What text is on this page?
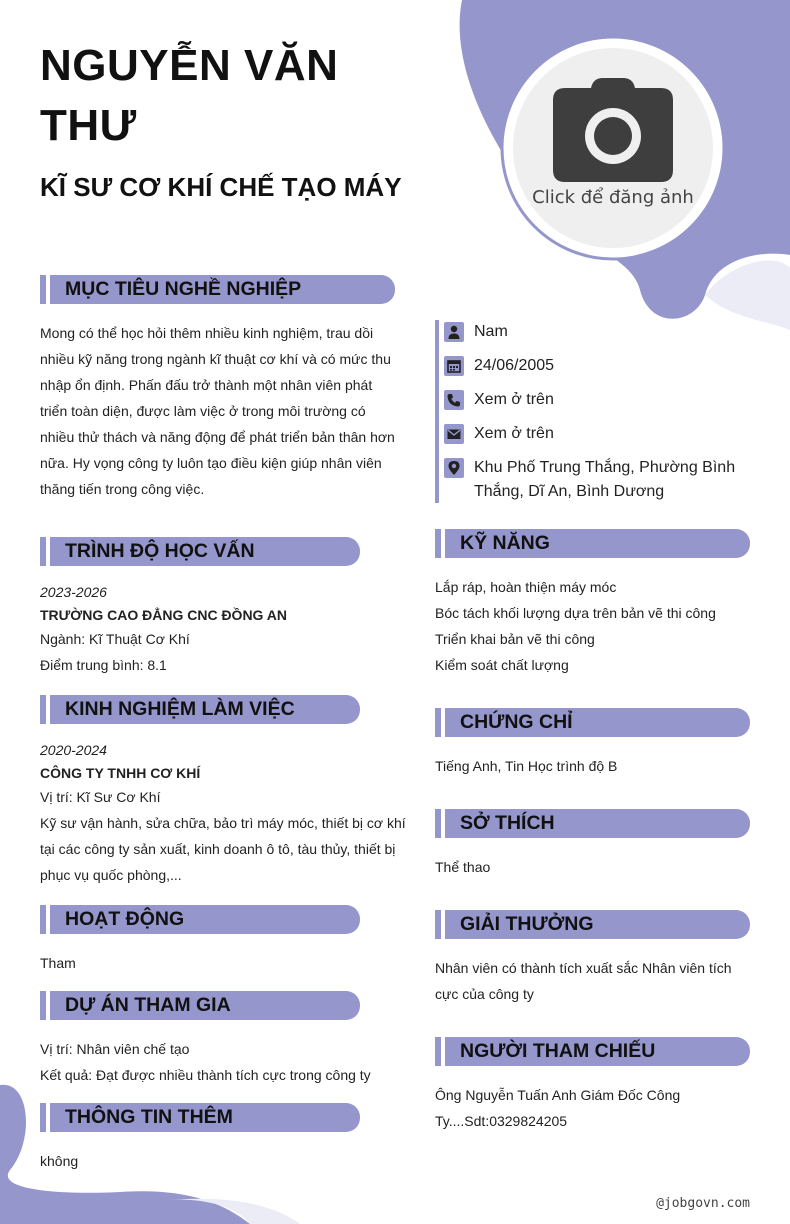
NGUYỄN VĂN THƯ
KĨ SƯ CƠ KHÍ CHẾ TẠO MÁY	Click để đăng ảnh
MỤC TIÊU NGHỀ NGHIỆP
Mong có thể học hỏi thêm nhiều kinh nghiệm, trau dồi
nhiều kỹ năng trong ngành kĩ thuật cơ khí và có mức thu
nhập ổn định. Phấn đấu trở thành một nhân viên phát
triển toàn diện, được làm việc ở trong môi trường có
nhiều thử thách và năng động để phát triển bản thân hơn
nữa. Hy vọng công ty luôn tạo điều kiện giúp nhân viên
thăng tiến trong công việc.
TRÌNH ĐỘ HỌC VẤN
2023-2026
TRƯỜNG CAO ĐẲNG CNC ĐỒNG AN
Ngành: Kĩ Thuật Cơ Khí
Điểm trung bình: 8.1
KINH NGHIỆM LÀM VIỆC
2020-2024
CÔNG TY TNHH CƠ KHÍ
Vị trí: Kĩ Sư Cơ Khí
Kỹ sư vận hành, sửa chữa, bảo trì máy móc, thiết bị cơ khí
tại các công ty sản xuất, kinh doanh ô tô, tàu thủy, thiết bị
phục vụ quốc phòng,...
HOẠT ĐỘNG
Tham
DỰ ÁN THAM GIA
Vị trí: Nhân viên chế tạo
Kết quả: Đạt được nhiều thành tích cực trong công ty
THÔNG TIN THÊM
không
Nam
24/06/2005
Xem ở trên
Xem ở trên
Khu Phố Trung Thắng, Phường Bình Thắng, Dĩ An, Bình Dương
KỸ NĂNG
Lắp ráp, hoàn thiện máy móc
Bóc tách khối lượng dựa trên bản vẽ thi công
Triển khai bản vẽ thi công
Kiểm soát chất lượng
CHỨNG CHỈ
Tiếng Anh, Tin Học trình độ B
SỞ THÍCH
Thể thao
GIẢI THƯỞNG
Nhân viên có thành tích xuất sắc Nhân viên tích
cực của công ty
NGƯỜI THAM CHIẾU
Ông Nguyễn Tuấn Anh Giám Đốc Công
Ty....Sdt:0329824205
@jobgovn.com
